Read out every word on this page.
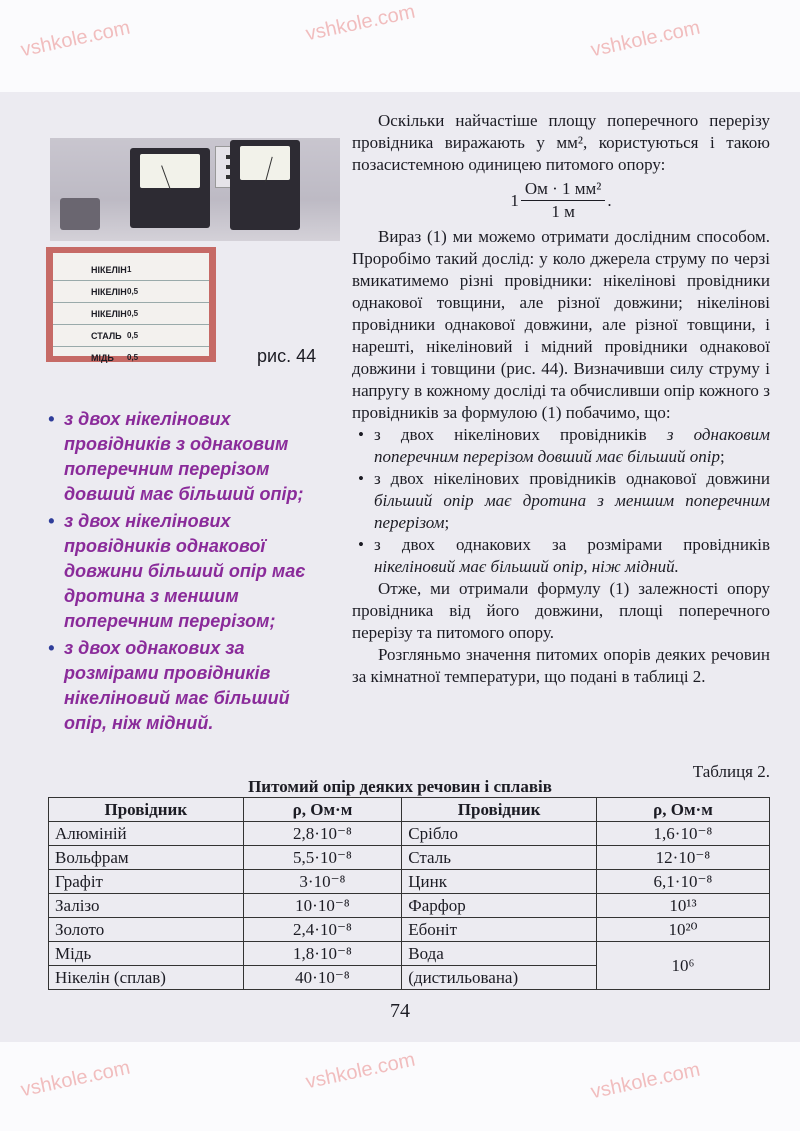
vshkole.com	vshkole.com	vshkole.com
vshkole.com	vshkole.com	vshkole.com
НІКЕЛІН 1
НІКЕЛІН 0,5
НІКЕЛІН 0,5
СТАЛЬ 0,5
МІДЬ 0,5	рис. 44
• з двох нікелінових провідників з однаковим поперечним перерізом довший має більший опір;
• з двох нікелінових провідників однакової довжини більший опір має дротина з меншим поперечним перерізом;
• з двох однакових за розмірами провідників нікеліновий має більший опір, ніж мідний.

Оскільки найчастіше площу поперечного перерізу провідника виражають у мм², користуються і такою позасистемною одиницею питомого опору:

$1 \frac{\text{Ом · 1 мм²}}{1 м}$ .

Вираз (1) ми можемо отримати дослідним способом. Проробімо такий дослід: у коло джерела струму по черзі вмикатимемо різні провідники: нікелінові провідники однакової товщини, але різної довжини; нікелінові провідники однакової довжини, але різної товщини, і нарешті, нікеліновий і мідний провідники однакової довжини і товщини (рис. 44). Визначивши силу струму і напругу в кожному досліді та обчисливши опір кожного з провідників за формулою (1) побачимо, що:

• з двох нікелінових провідників з однаковим поперечним перерізом довший має більший опір;
• з двох нікелінових провідників однакової довжини більший опір має дротина з меншим поперечним перерізом;
• з двох однакових за розмірами провідників нікеліновий має більший опір, ніж мідний.

Отже, ми отримали формулу (1) залежності опору провідника від його довжини, площі поперечного перерізу та питомого опору.

Розгляньмо значення питомих опорів деяких речовин за кімнатної температури, що подані в таблиці 2.

Таблиця 2.
Питомий опір деяких речовин і сплавів
Провідник	ρ, Ом·м	Провідник	ρ, Ом·м
Алюміній	2,8·10⁻⁸	Срібло	1,6·10⁻⁸
Вольфрам	5,5·10⁻⁸	Сталь	12·10⁻⁸
Графіт	3·10⁻⁸	Цинк	6,1·10⁻⁸
Залізо	10·10⁻⁸	Фарфор	10¹³
Золото	2,4·10⁻⁸	Ебоніт	10²⁰
Мідь	1,8·10⁻⁸	Вода	10⁶
Нікелін (сплав)	40·10⁻⁸	(дистильована)	
74
